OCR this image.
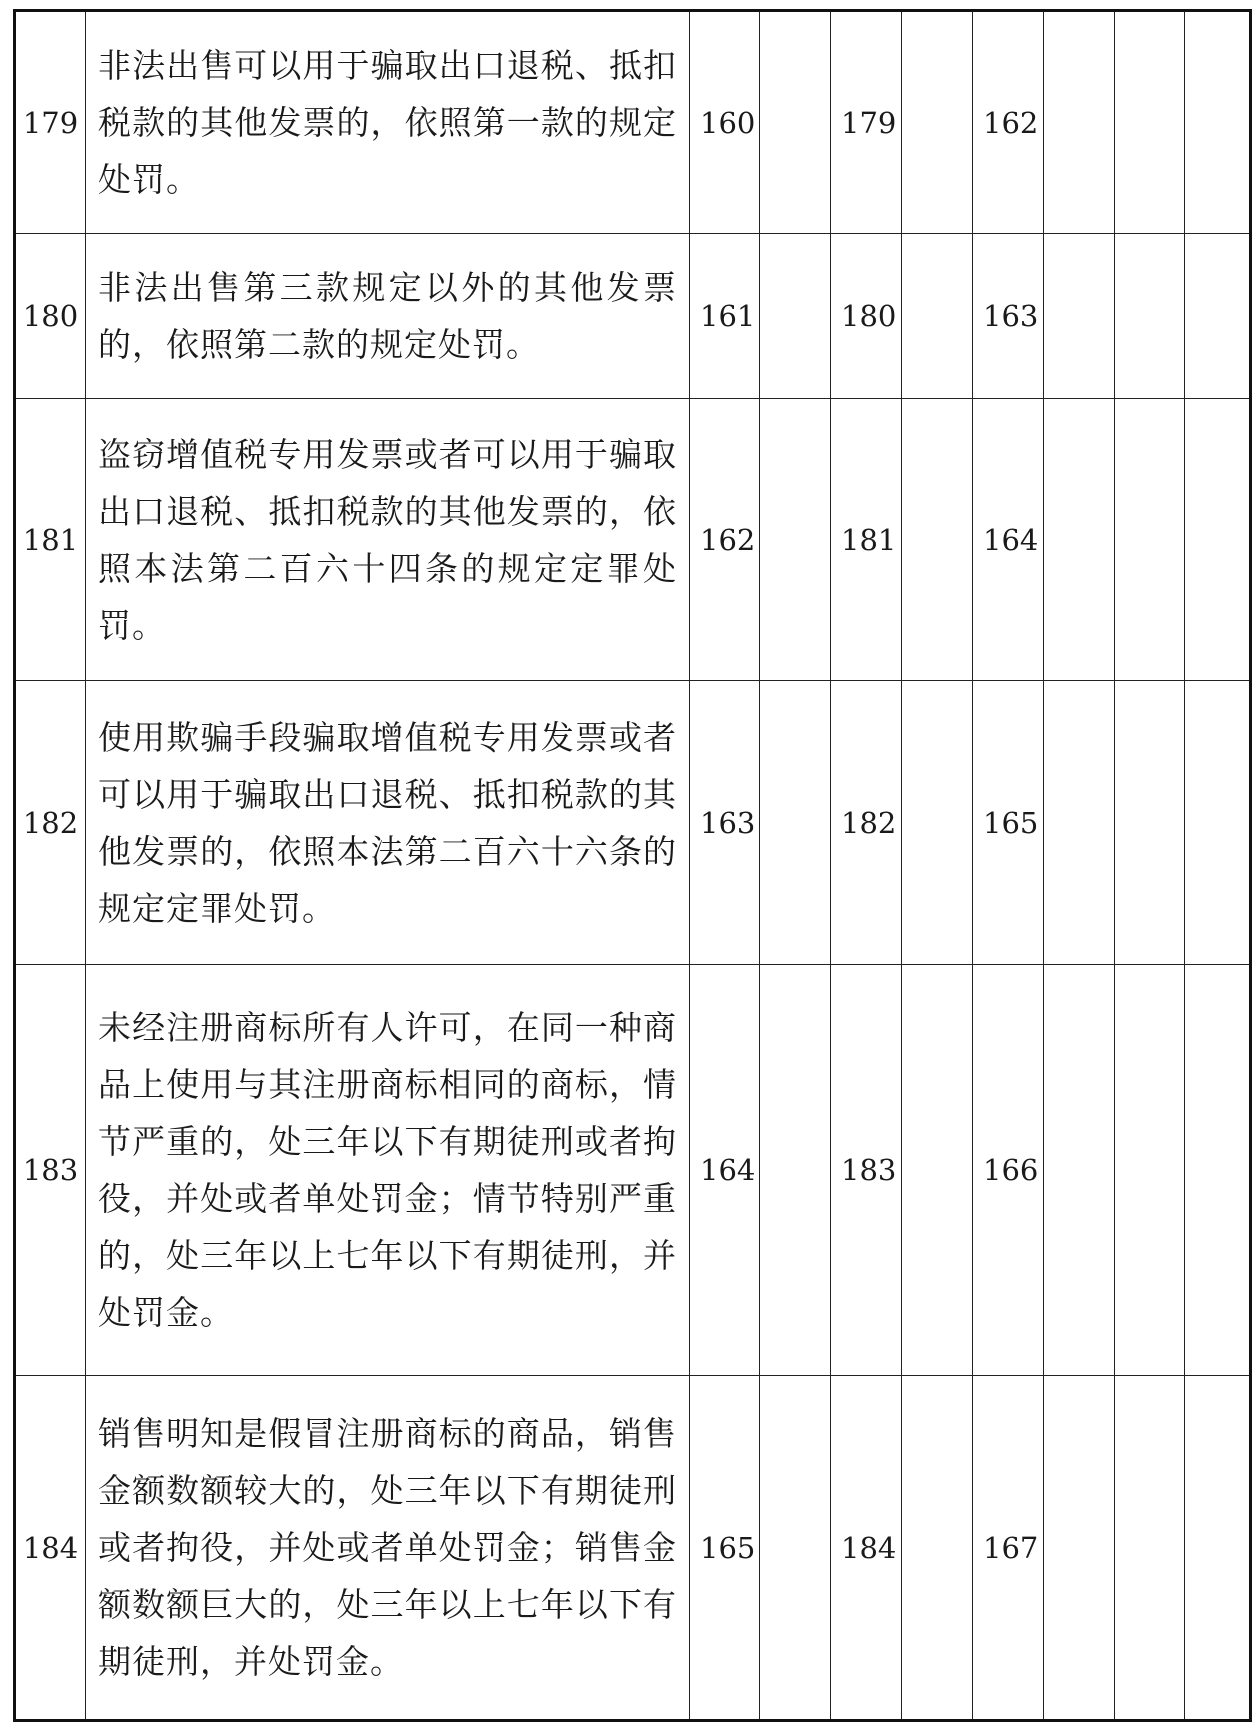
179	非法出售可以用于骗取出口退税、抵扣税款的其他发票的，依照第一款的规定处罚。	160		179		162			
180	非法出售第三款规定以外的其他发票的，依照第二款的规定处罚。	161		180		163			
181	盗窃增值税专用发票或者可以用于骗取出口退税、抵扣税款的其他发票的，依照本法第二百六十四条的规定定罪处罚。	162		181		164			
182	使用欺骗手段骗取增值税专用发票或者可以用于骗取出口退税、抵扣税款的其他发票的，依照本法第二百六十六条的规定定罪处罚。	163		182		165			
183	未经注册商标所有人许可，在同一种商品上使用与其注册商标相同的商标，情节严重的，处三年以下有期徒刑或者拘役，并处或者单处罚金；情节特别严重的，处三年以上七年以下有期徒刑，并处罚金。	164		183		166			
184	销售明知是假冒注册商标的商品，销售金额数额较大的，处三年以下有期徒刑或者拘役，并处或者单处罚金；销售金额数额巨大的，处三年以上七年以下有期徒刑，并处罚金。	165		184		167			
